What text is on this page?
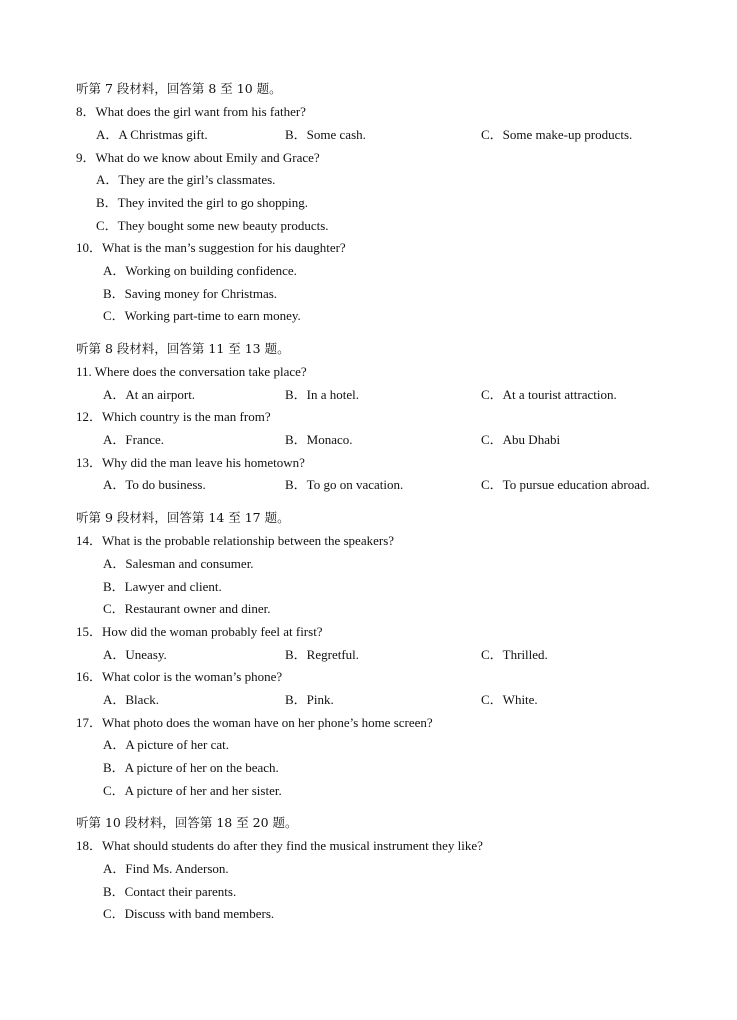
听第 7 段材料，回答第 8 至 10 题。
8．What does the girl want from his father?
A．A Christmas gift.	B．Some cash.	C．Some make-up products.
9．What do we know about Emily and Grace?
A．They are the girl’s classmates.
B．They invited the girl to go shopping.
C．They bought some new beauty products.
10．What is the man’s suggestion for his daughter?
A．Working on building confidence.
B．Saving money for Christmas.
C．Working part-time to earn money.
听第 8 段材料，回答第 11 至 13 题。
11. Where does the conversation take place?
A．At an airport.	B．In a hotel.	C．At a tourist attraction.
12．Which country is the man from?
A．France.	B．Monaco.	C．Abu Dhabi
13．Why did the man leave his hometown?
A．To do business.	B．To go on vacation.	C．To pursue education abroad.
听第 9 段材料，回答第 14 至 17 题。
14．What is the probable relationship between the speakers?
A．Salesman and consumer.
B．Lawyer and client.
C．Restaurant owner and diner.
15．How did the woman probably feel at first?
A．Uneasy.	B．Regretful.	C．Thrilled.
16．What color is the woman’s phone?
A．Black.	B．Pink.	C．White.
17．What photo does the woman have on her phone’s home screen?
A．A picture of her cat.
B．A picture of her on the beach.
C．A picture of her and her sister.
听第 10 段材料，回答第 18 至 20 题。
18．What should students do after they find the musical instrument they like?
A．Find Ms. Anderson.
B．Contact their parents.
C．Discuss with band members.
